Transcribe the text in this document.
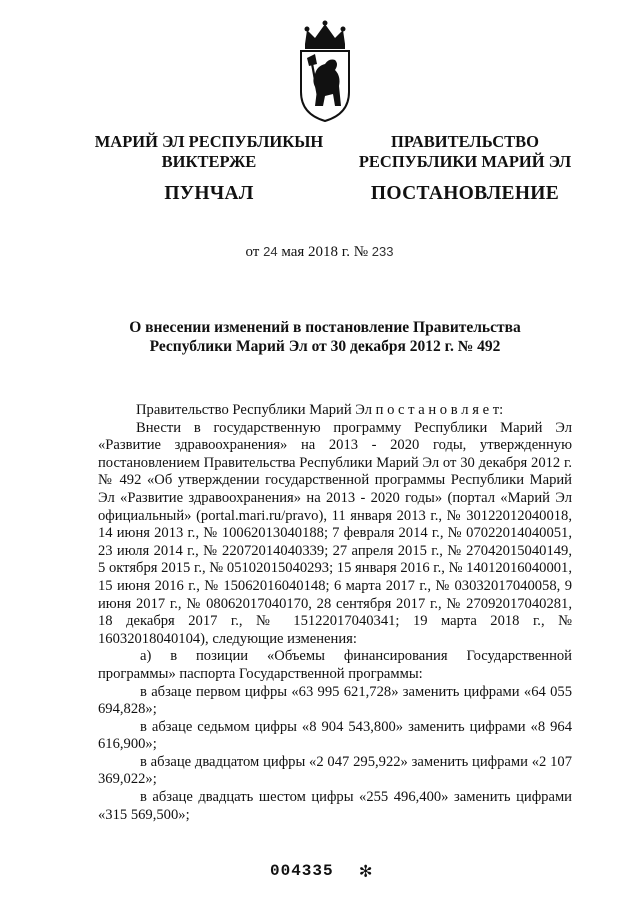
МАРИЙ ЭЛ РЕСПУБЛИКЫН
ВИКТЕРЖЕ
ПУНЧАЛ
ПРАВИТЕЛЬСТВО
РЕСПУБЛИКИ МАРИЙ ЭЛ
ПОСТАНОВЛЕНИЕ
от 24 мая 2018 г. № 233
О внесении изменений в постановление Правительства
Республики Марий Эл от 30 декабря 2012 г. № 492

Правительство Республики Марий Эл п о с т а н о в л я е т:

Внести в государственную программу Республики Марий Эл «Развитие здравоохранения» на 2013 - 2020 годы, утвержденную постановлением Правительства Республики Марий Эл от 30 декабря 2012 г. № 492 «Об утверждении государственной программы Республики Марий Эл «Развитие здравоохранения» на 2013 - 2020 годы» (портал «Марий Эл официальный» (portal.mari.ru/pravo), 11 января 2013 г., № 30122012040018, 14 июня 2013 г., № 10062013040188; 7 февраля 2014 г., № 07022014040051, 23 июля 2014 г., № 22072014040339; 27 апреля 2015 г., № 27042015040149, 5 октября 2015 г., № 05102015040293; 15 января 2016 г., № 14012016040001, 15 июня 2016 г., № 15062016040148; 6 марта 2017 г., № 03032017040058, 9 июня 2017 г., № 08062017040170, 28 сентября 2017 г., № 27092017040281, 18 декабря 2017 г., № 15122017040341; 19 марта 2018 г., № 16032018040104), следующие изменения:

а) в позиции «Объемы финансирования Государственной программы» паспорта Государственной программы:

в абзаце первом цифры «63 995 621,728» заменить цифрами «64 055 694,828»;

в абзаце седьмом цифры «8 904 543,800» заменить цифрами «8 964 616,900»;

в абзаце двадцатом цифры «2 047 295,922» заменить цифрами «2 107 369,022»;

в абзаце двадцать шестом цифры «255 496,400» заменить цифрами «315 569,500»;

004335 ✻
